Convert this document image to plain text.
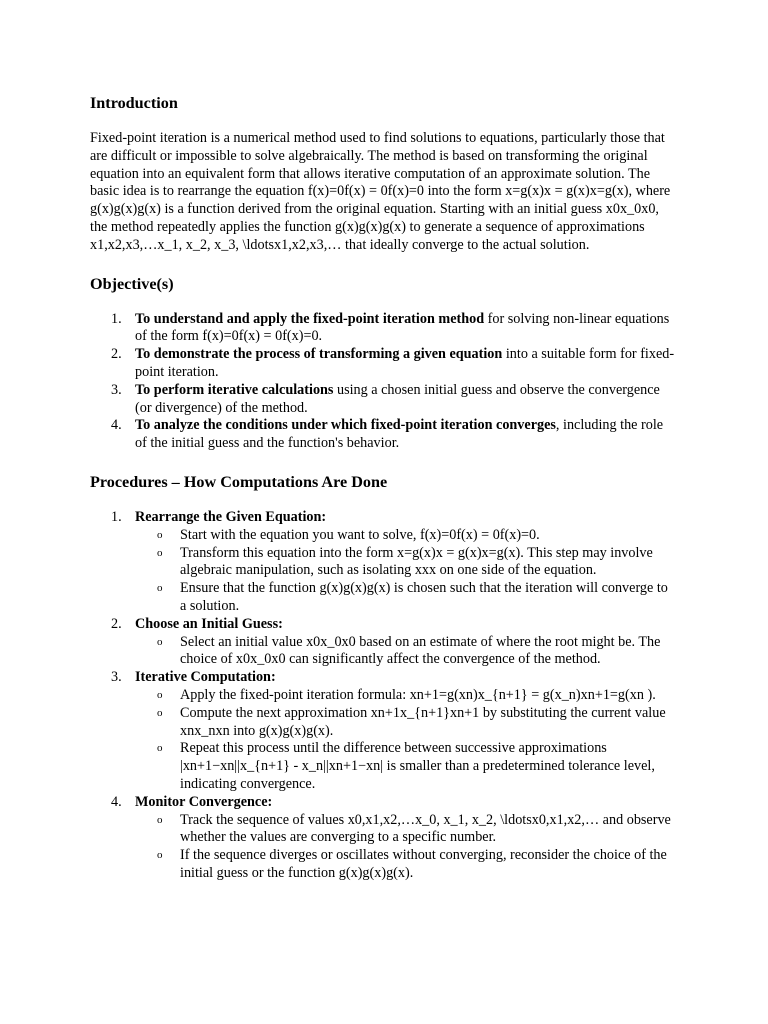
Introduction

Fixed-point iteration is a numerical method used to find solutions to equations, particularly those that are difficult or impossible to solve algebraically. The method is based on transforming the original equation into an equivalent form that allows iterative computation of an approximate solution. The basic idea is to rearrange the equation f(x)=0f(x) = 0f(x)=0 into the form x=g(x)x = g(x)x=g(x), where g(x)g(x)g(x) is a function derived from the original equation. Starting with an initial guess x0x_0x0, the method repeatedly applies the function g(x)g(x)g(x) to generate a sequence of approximations x1,x2,x3,…x_1, x_2, x_3, \ldotsx1,x2,x3,… that ideally converge to the actual solution.

Objective(s)
1. To understand and apply the fixed-point iteration method for solving non-linear equations of the form f(x)=0f(x) = 0f(x)=0.
2. To demonstrate the process of transforming a given equation into a suitable form for fixed-point iteration.
3. To perform iterative calculations using a chosen initial guess and observe the convergence (or divergence) of the method.
4. To analyze the conditions under which fixed-point iteration converges, including the role of the initial guess and the function's behavior.
Procedures – How Computations Are Done
1. Rearrange the Given Equation:
o Start with the equation you want to solve, f(x)=0f(x) = 0f(x)=0.
o Transform this equation into the form x=g(x)x = g(x)x=g(x). This step may involve algebraic manipulation, such as isolating xxx on one side of the equation.
o Ensure that the function g(x)g(x)g(x) is chosen such that the iteration will converge to a solution.
2. Choose an Initial Guess:
o Select an initial value x0x_0x0 based on an estimate of where the root might be. The choice of x0x_0x0 can significantly affect the convergence of the method.
3. Iterative Computation:
o Apply the fixed-point iteration formula: xn+1=g(xn)x_{n+1} = g(x_n)xn+1=g(xn ).
o Compute the next approximation xn+1x_{n+1}xn+1 by substituting the current value xnx_nxn into g(x)g(x)g(x).
o Repeat this process until the difference between successive approximations |xn+1−xn||x_{n+1} - x_n||xn+1−xn| is smaller than a predetermined tolerance level, indicating convergence.
4. Monitor Convergence:
o Track the sequence of values x0,x1,x2,…x_0, x_1, x_2, \ldotsx0,x1,x2,… and observe whether the values are converging to a specific number.
o If the sequence diverges or oscillates without converging, reconsider the choice of the initial guess or the function g(x)g(x)g(x).
